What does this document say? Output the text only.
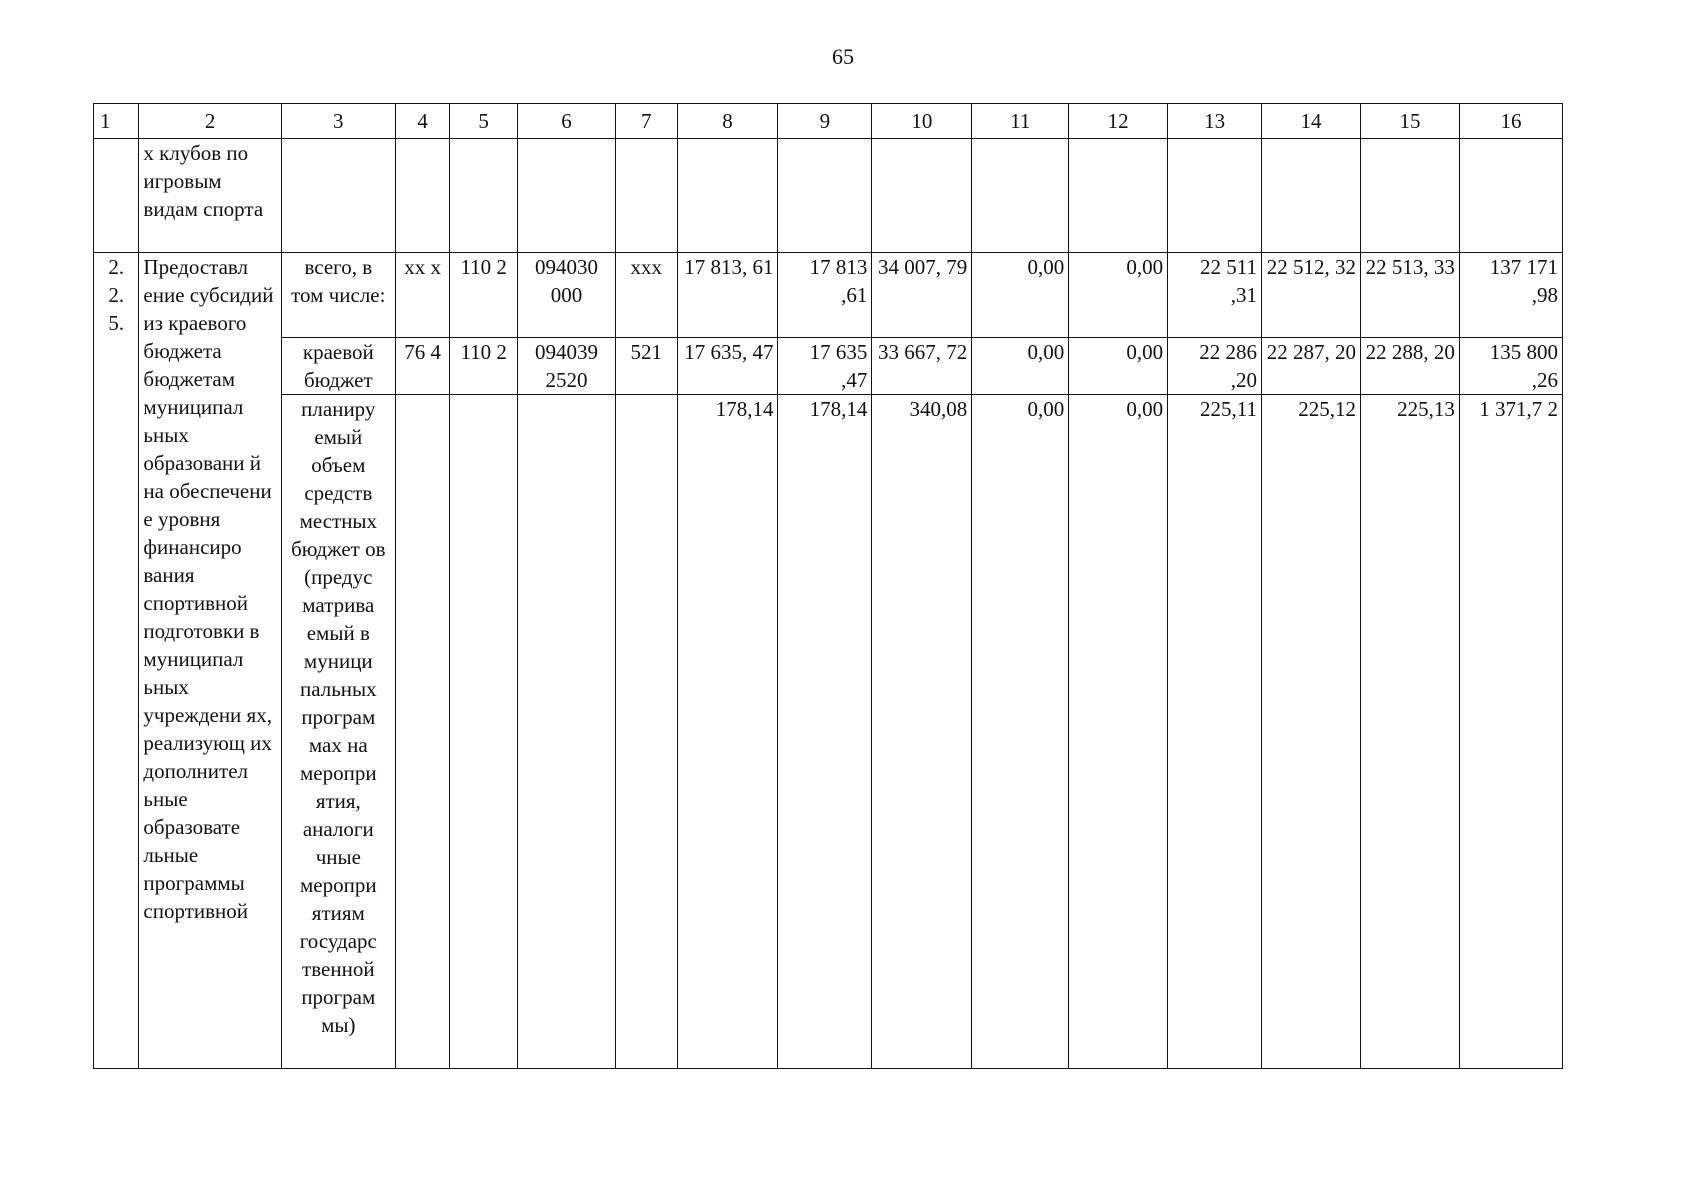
65
1	2	3	4	5	6	7	8	9	10	11	12	13	14	15	16
	х клубов по игровым видам спорта														
2. 2. 5.	Предоставл ение субсидий из краевого бюджета бюджетам муниципал ьных образовани й на обеспечени е уровня финансиро вания спортивной подготовки в муниципал ьных учреждени ях, реализующ их дополнител ьные образовате льные программы спортивной	всего, в том числе:	хх х	110 2	094030 000	ххх	17 813, 61	17 813 ,61	34 007, 79	0,00	0,00	22 511 ,31	22 512, 32	22 513, 33	137 171 ,98
		краевой бюджет	76 4	110 2	094039 2520	521	17 635, 47	17 635 ,47	33 667, 72	0,00	0,00	22 286 ,20	22 287, 20	22 288, 20	135 800 ,26
		планиру емый объем средств местных бюджет ов (предус матрива емый в муници пальных програм мах на меропри ятия, аналоги чные меропри ятиям государс твенной програм мы)					178,14	178,14	340,08	0,00	0,00	225,11	225,12	225,13	1 371,7 2
